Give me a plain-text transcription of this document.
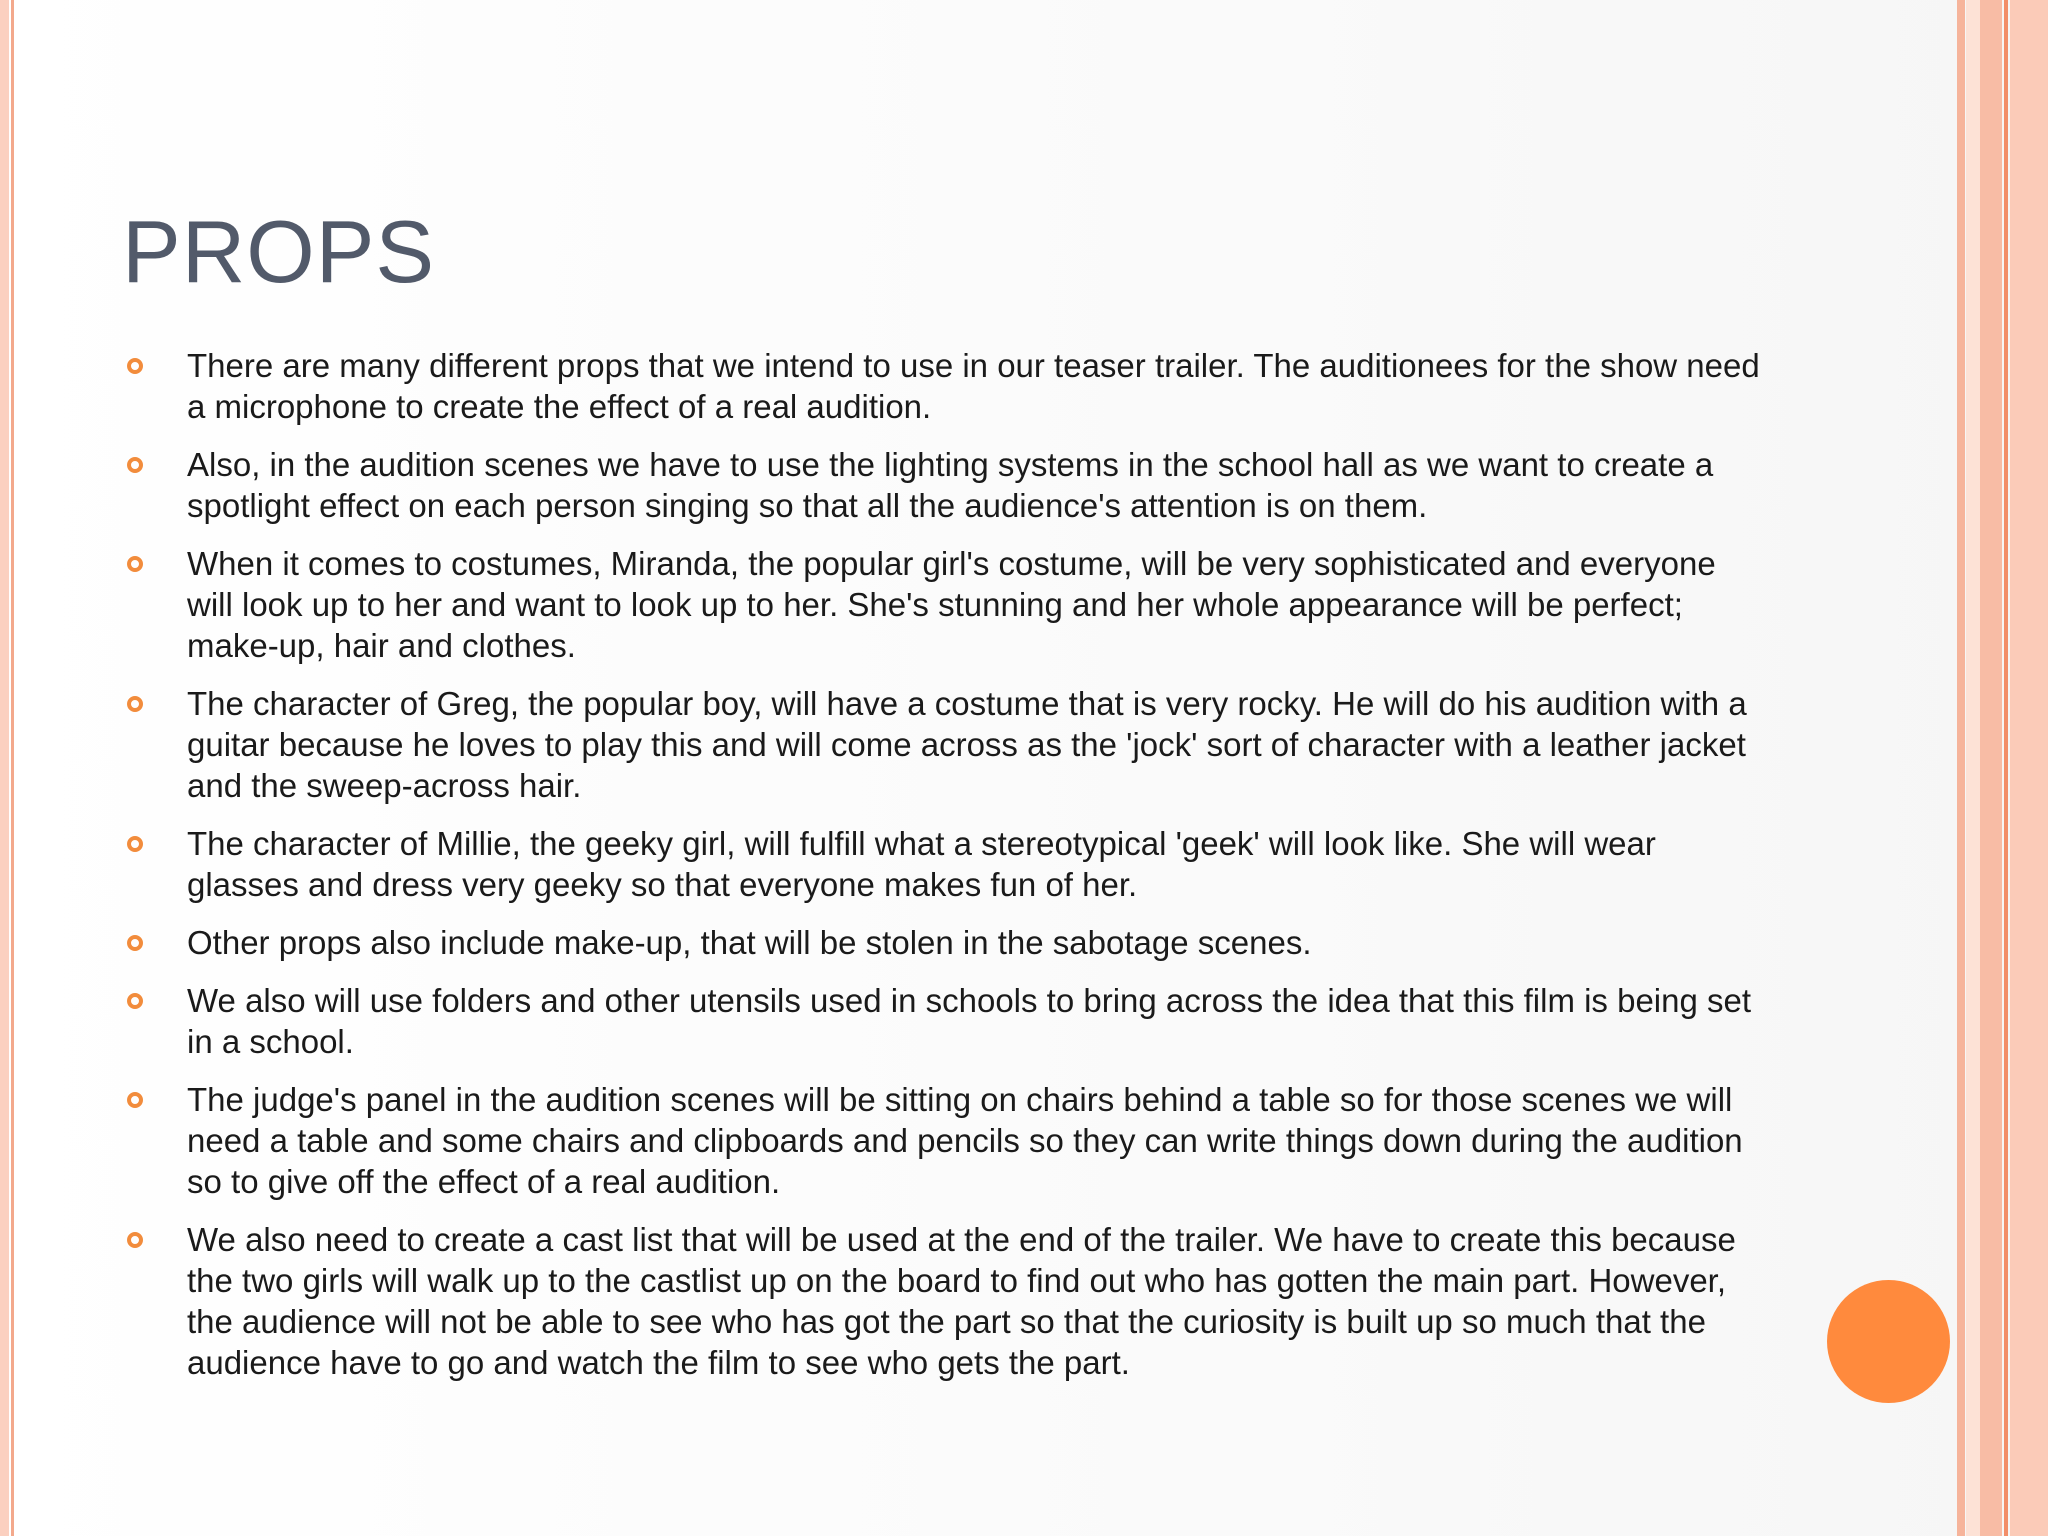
PROPS
There are many different props that we intend to use in our teaser trailer. The auditionees for the show need a microphone to create the effect of a real audition.
Also, in the audition scenes we have to use the lighting systems in the school hall as we want to create a spotlight effect on each person singing so that all the audience's attention is on them.
When it comes to costumes, Miranda, the popular girl's costume, will be very sophisticated and everyone will look up to her and want to look up to her. She's stunning and her whole appearance will be perfect; make-up, hair and clothes.
The character of Greg, the popular boy, will have a costume that is very rocky. He will do his audition with a guitar because he loves to play this and will come across as the 'jock' sort of character with a leather jacket and the sweep-across hair.
The character of Millie, the geeky girl, will fulfill what a stereotypical 'geek' will look like. She will wear glasses and dress very geeky so that everyone makes fun of her.
Other props also include make-up, that will be stolen in the sabotage scenes.
We also will use folders and other utensils used in schools to bring across the idea that this film is being set in a school.
The judge's panel in the audition scenes will be sitting on chairs behind a table so for those scenes we will need a table and some chairs and clipboards and pencils so they can write things down during the audition so to give off the effect of a real audition.
We also need to create a cast list that will be used at the end of the trailer. We have to create this because the two girls will walk up to the castlist up on the board to find out who has gotten the main part. However, the audience will not be able to see who has got the part so that the curiosity is built up so much that the audience have to go and watch the film to see who gets the part.
